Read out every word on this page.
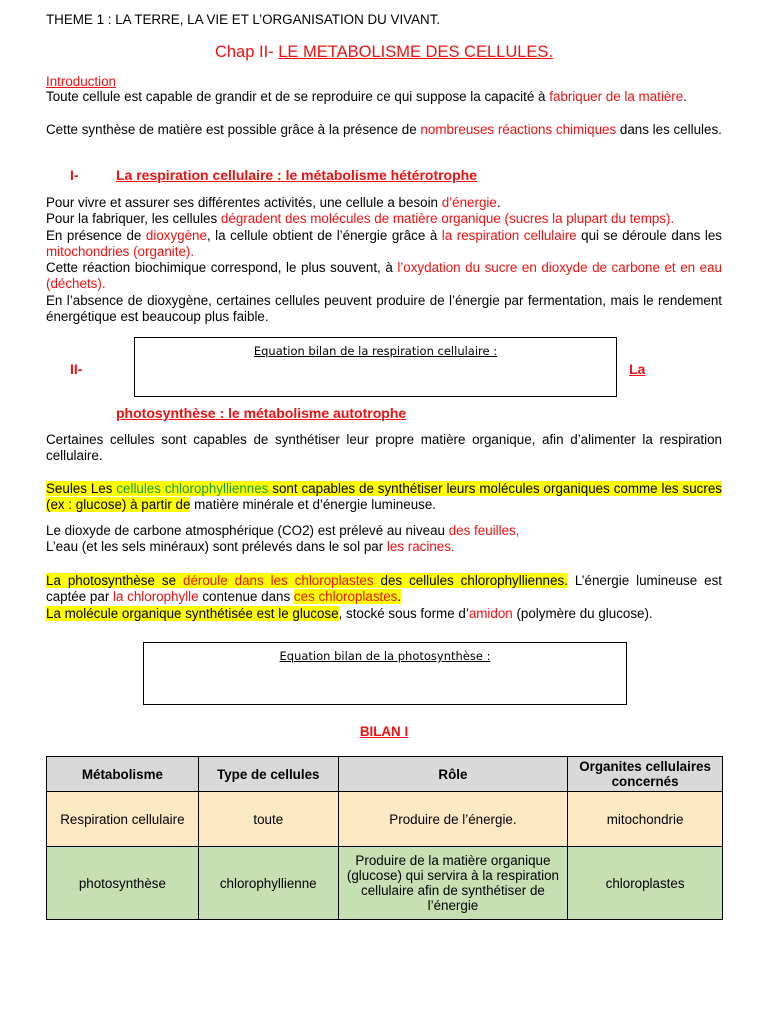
THEME 1 : LA TERRE, LA VIE ET L’ORGANISATION DU VIVANT.

Chap II- LE METABOLISME DES CELLULES.
Introduction

Toute cellule est capable de grandir et de se reproduire ce qui suppose la capacité à fabriquer de la matière.

Cette synthèse de matière est possible grâce à la présence de nombreuses réactions chimiques dans les cellules.

I-	La respiration cellulaire : le métabolisme hétérotrophe

Pour vivre et assurer ses différentes activités, une cellule a besoin d’énergie.

Pour la fabriquer, les cellules dégradent des molécules de matière organique (sucres la plupart du temps).

En présence de dioxygène, la cellule obtient de l’énergie grâce à la respiration cellulaire qui se déroule dans les mitochondries (organite).

Cette réaction biochimique correspond, le plus souvent, à l’oxydation du sucre en dioxyde de carbone et en eau (déchets).

En l’absence de dioxygène, certaines cellules peuvent produire de l’énergie par fermentation, mais le rendement énergétique est beaucoup plus faible.

Equation bilan de la respiration cellulaire :
II-	La
photosynthèse : le métabolisme autotrophe

Certaines cellules sont capables de synthétiser leur propre matière organique, afin d’alimenter la respiration cellulaire.

Seules Les cellules chlorophylliennes sont capables de synthétiser leurs molécules organiques comme les sucres (ex : glucose) à partir de matière minérale et d’énergie lumineuse.

Le dioxyde de carbone atmosphérique (CO2) est prélevé au niveau des feuilles,

L’eau (et les sels minéraux) sont prélevés dans le sol par les racines.

La photosynthèse se déroule dans les chloroplastes des cellules chlorophylliennes. L’énergie lumineuse est captée par la chlorophylle contenue dans ces chloroplastes.

La molécule organique synthétisée est le glucose, stocké sous forme d’amidon (polymère du glucose).

Equation bilan de la photosynthèse :
BILAN I
Métabolisme	Type de cellules	Rôle	Organites cellulaires concernés
Respiration cellulaire	toute	Produire de l’énergie.	mitochondrie
photosynthèse	chlorophyllienne	Produire de la matière organique (glucose) qui servira à la respiration cellulaire afin de synthétiser de l’énergie	chloroplastes
